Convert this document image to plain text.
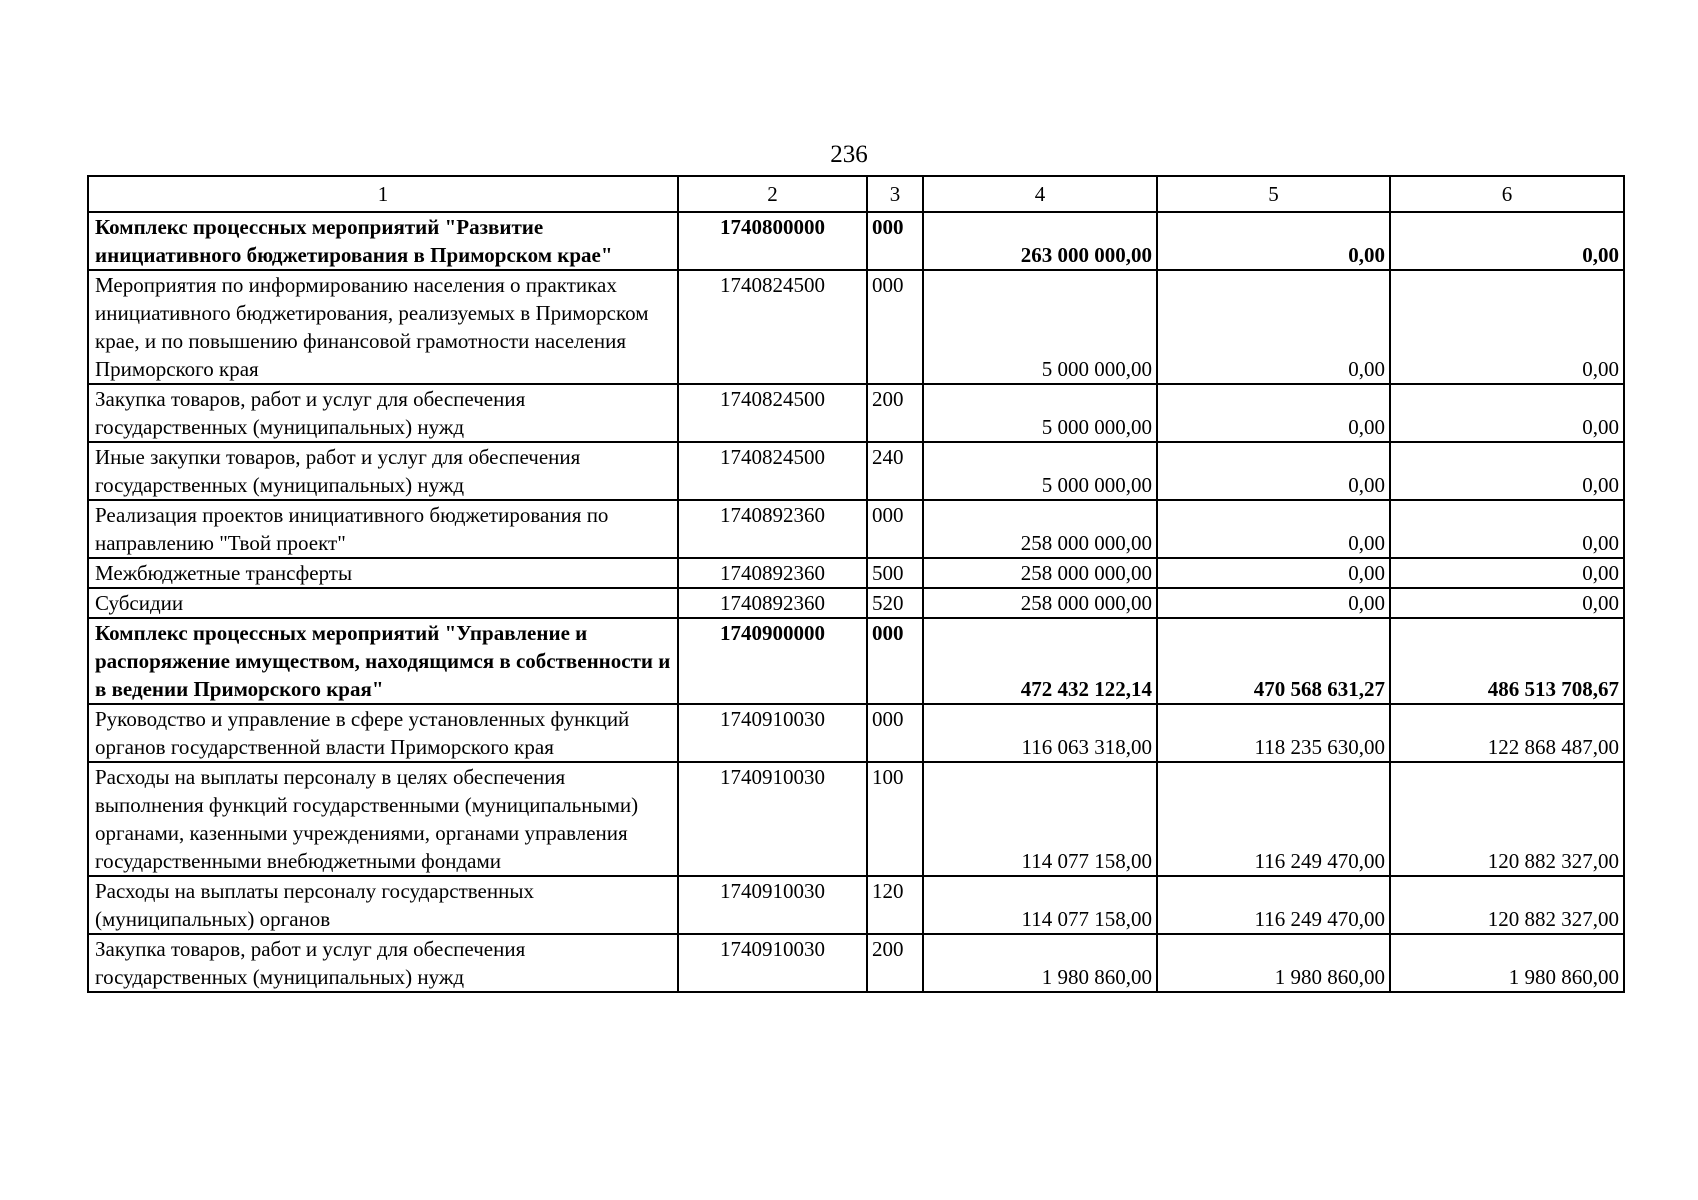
236
1	2	3	4	5	6
Комплекс процессных мероприятий "Развитие инициативного бюджетирования в Приморском крае"	1740800000	000	263 000 000,00	0,00	0,00
Мероприятия по информированию населения о практиках инициативного бюджетирования, реализуемых в Приморском крае, и по повышению финансовой грамотности населения Приморского края	1740824500	000	5 000 000,00	0,00	0,00
Закупка товаров, работ и услуг для обеспечения государственных (муниципальных) нужд	1740824500	200	5 000 000,00	0,00	0,00
Иные закупки товаров, работ и услуг для обеспечения государственных (муниципальных) нужд	1740824500	240	5 000 000,00	0,00	0,00
Реализация проектов инициативного бюджетирования по направлению "Твой проект"	1740892360	000	258 000 000,00	0,00	0,00
Межбюджетные трансферты	1740892360	500	258 000 000,00	0,00	0,00
Субсидии	1740892360	520	258 000 000,00	0,00	0,00
Комплекс процессных мероприятий "Управление и распоряжение имуществом, находящимся в собственности и в ведении Приморского края"	1740900000	000	472 432 122,14	470 568 631,27	486 513 708,67
Руководство и управление в сфере установленных функций органов государственной власти Приморского края	1740910030	000	116 063 318,00	118 235 630,00	122 868 487,00
Расходы на выплаты персоналу в целях обеспечения выполнения функций государственными (муниципальными) органами, казенными учреждениями, органами управления государственными внебюджетными фондами	1740910030	100	114 077 158,00	116 249 470,00	120 882 327,00
Расходы на выплаты персоналу государственных (муниципальных) органов	1740910030	120	114 077 158,00	116 249 470,00	120 882 327,00
Закупка товаров, работ и услуг для обеспечения государственных (муниципальных) нужд	1740910030	200	1 980 860,00	1 980 860,00	1 980 860,00
